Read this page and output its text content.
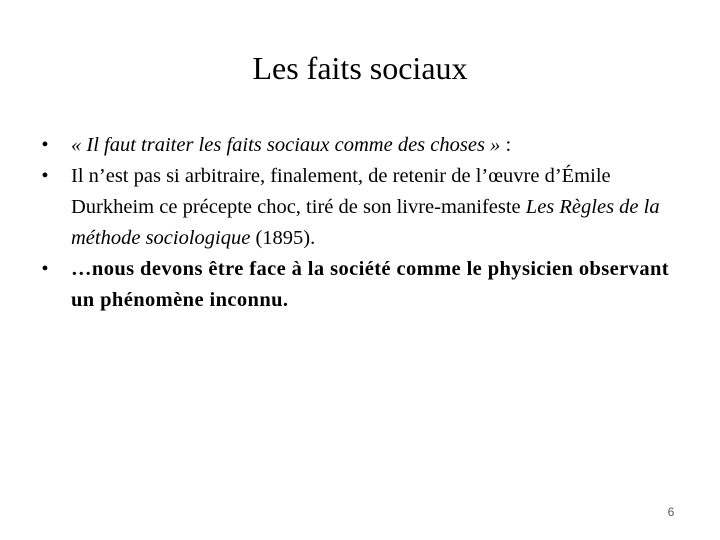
Les faits sociaux
• « Il faut traiter les faits sociaux comme des choses » :
• Il n’est pas si arbitraire, finalement, de retenir de l’œuvre d’Émile Durkheim ce précepte choc, tiré de son livre-manifeste Les Règles de la méthode sociologique (1895).
• …nous devons être face à la société comme le physicien observant un phénomène inconnu.
6
